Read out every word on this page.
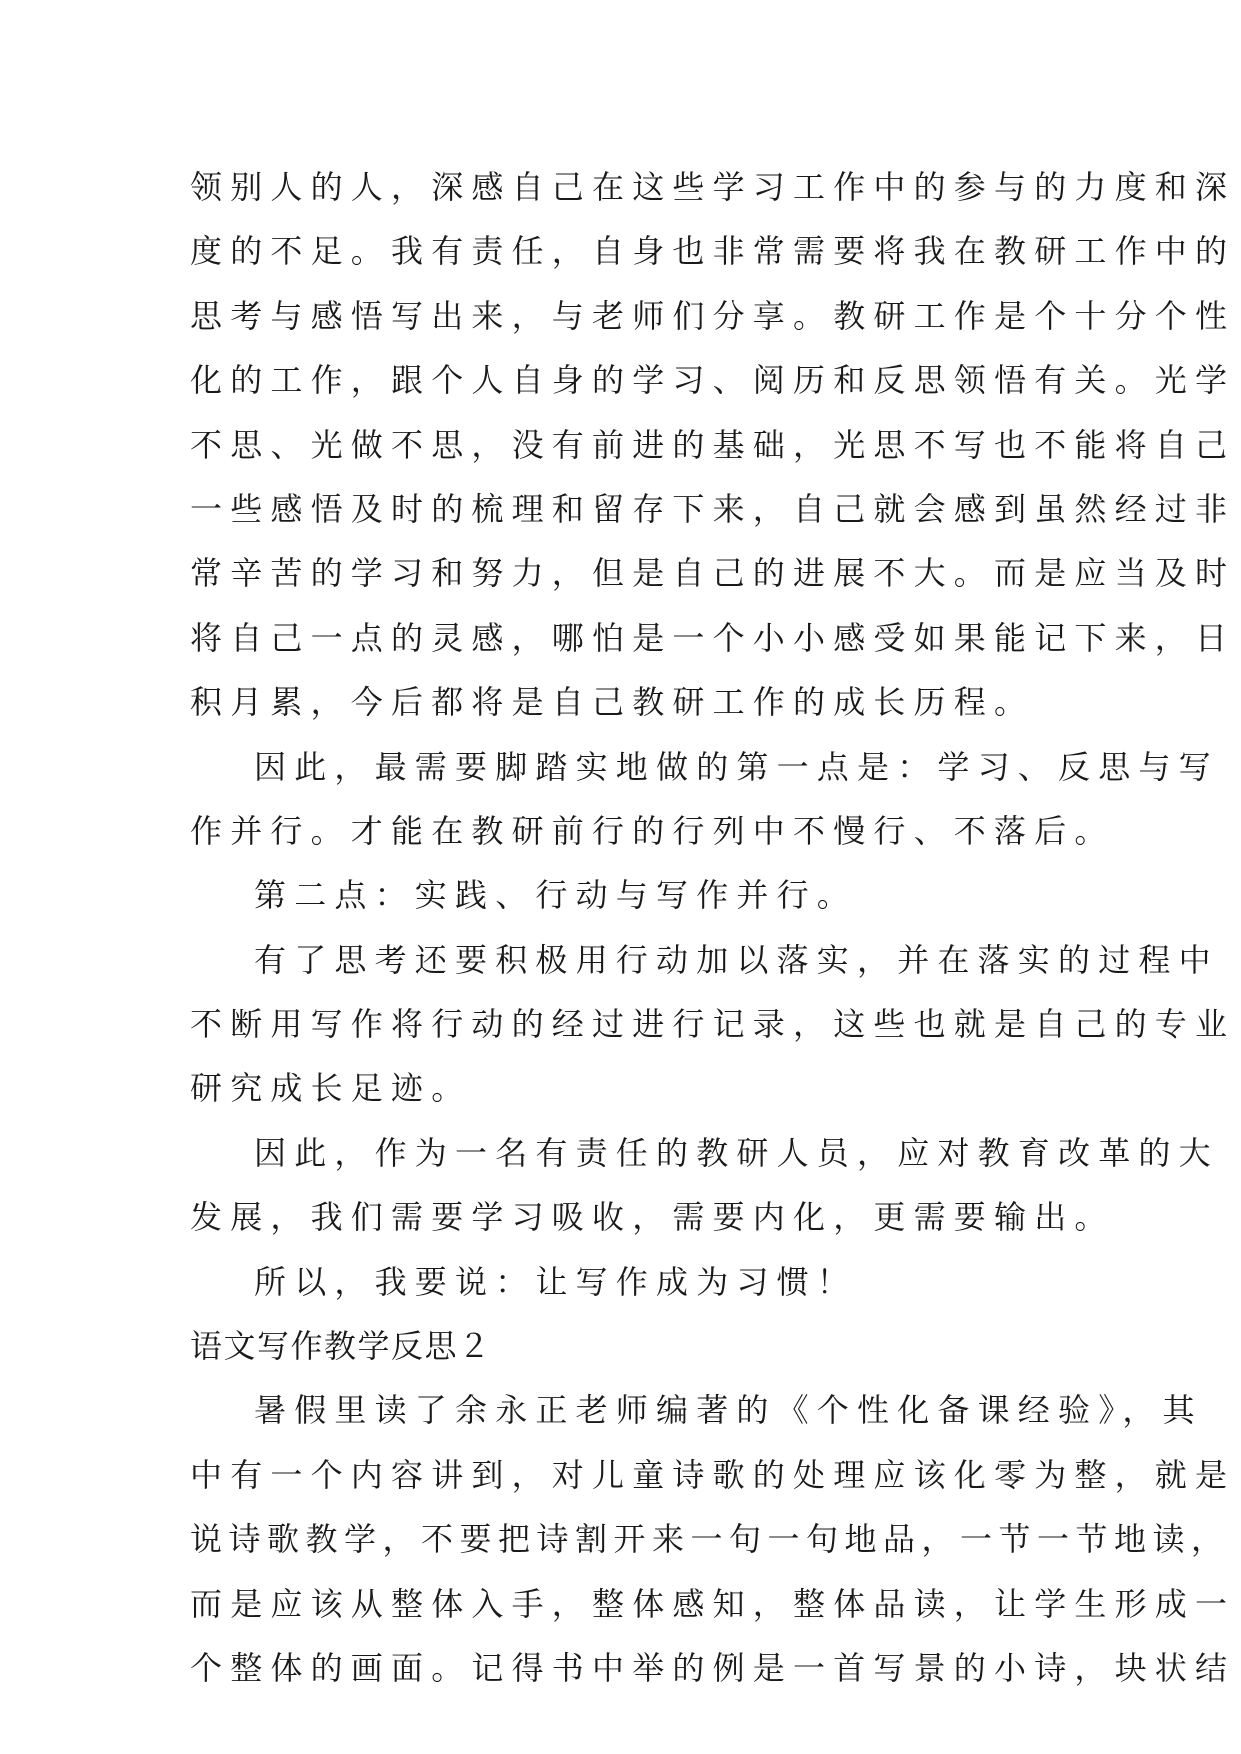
领别人的人，深感自己在这些学习工作中的参与的力度和深
度的不足。我有责任，自身也非常需要将我在教研工作中的
思考与感悟写出来，与老师们分享。教研工作是个十分个性
化的工作，跟个人自身的学习、阅历和反思领悟有关。光学
不思、光做不思，没有前进的基础，光思不写也不能将自己
一些感悟及时的梳理和留存下来，自己就会感到虽然经过非
常辛苦的学习和努力，但是自己的进展不大。而是应当及时
将自己一点的灵感，哪怕是一个小小感受如果能记下来，日
积月累，今后都将是自己教研工作的成长历程。
因此，最需要脚踏实地做的第一点是：学习、反思与写
作并行。才能在教研前行的行列中不慢行、不落后。
第二点：实践、行动与写作并行。
有了思考还要积极用行动加以落实，并在落实的过程中
不断用写作将行动的经过进行记录，这些也就是自己的专业
研究成长足迹。
因此，作为一名有责任的教研人员，应对教育改革的大
发展，我们需要学习吸收，需要内化，更需要输出。
所以，我要说：让写作成为习惯！
语文写作教学反思２
暑假里读了余永正老师编著的《个性化备课经验》，其
中有一个内容讲到，对儿童诗歌的处理应该化零为整，就是
说诗歌教学，不要把诗割开来一句一句地品，一节一节地读，
而是应该从整体入手，整体感知，整体品读，让学生形成一
个整体的画面。记得书中举的例是一首写景的小诗，块状结
